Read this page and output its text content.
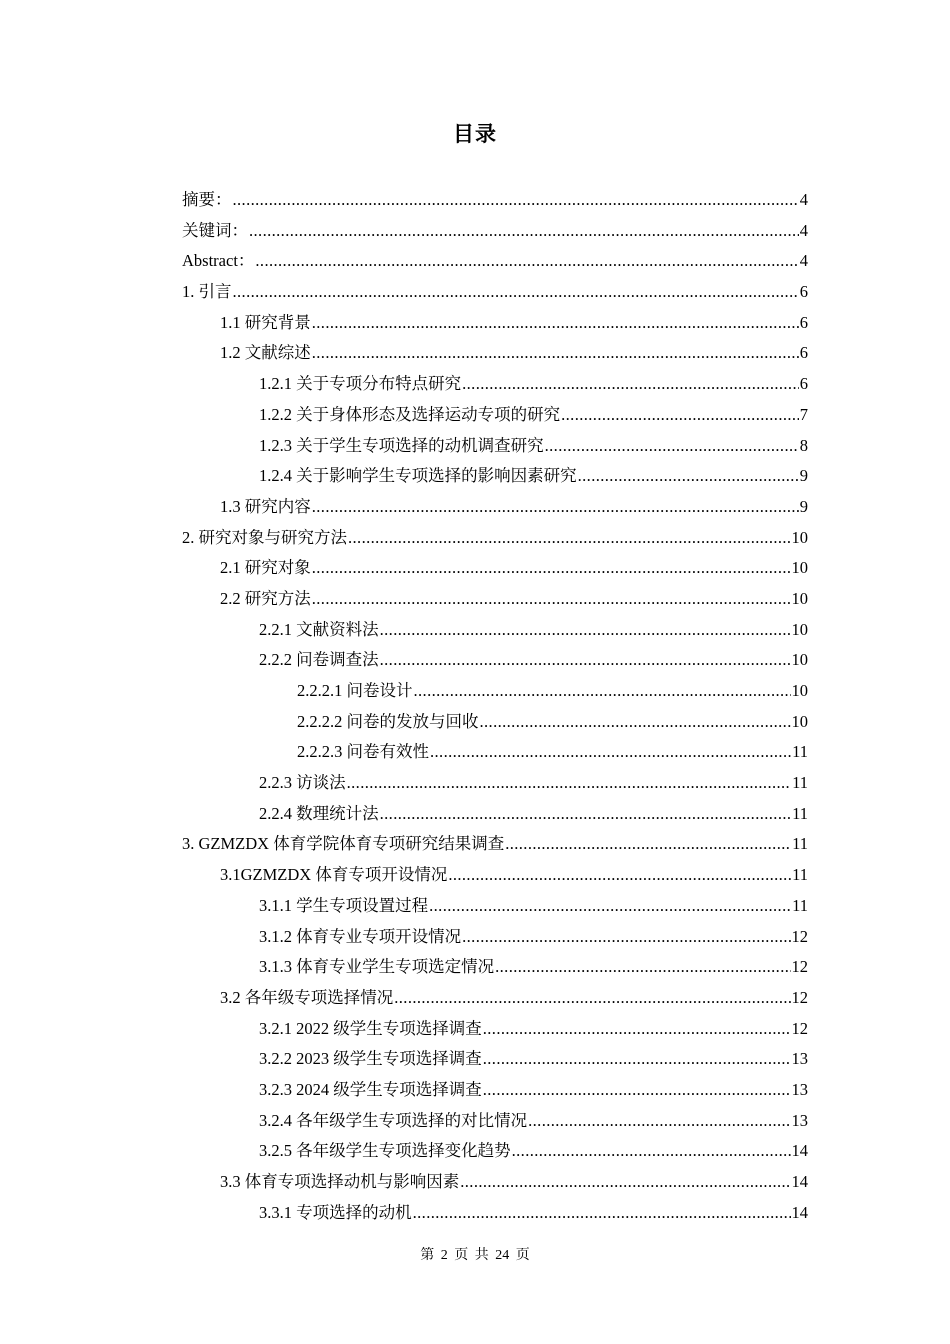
目录
摘要： .....	4
关键词： .....	4
Abstract： .....	4
1. 引言 .....	6
1.1 研究背景 .....	6
1.2 文献综述 .....	6
1.2.1 关于专项分布特点研究 .....	6
1.2.2 关于身体形态及选择运动专项的研究 .....	7
1.2.3 关于学生专项选择的动机调查研究 .....	8
1.2.4 关于影响学生专项选择的影响因素研究 .....	9
1.3 研究内容 .....	9
2. 研究对象与研究方法 .....	10
2.1 研究对象 .....	10
2.2 研究方法 .....	10
2.2.1 文献资料法 .....	10
2.2.2 问卷调查法 .....	10
2.2.2.1 问卷设计 .....	10
2.2.2.2 问卷的发放与回收 .....	10
2.2.2.3 问卷有效性 .....	11
2.2.3 访谈法 .....	11
2.2.4 数理统计法 .....	11
3. GZMZDX 体育学院体育专项研究结果调查 .....	11
3.1GZMZDX 体育专项开设情况 .....	11
3.1.1 学生专项设置过程 .....	11
3.1.2 体育专业专项开设情况 .....	12
3.1.3 体育专业学生专项选定情况 .....	12
3.2 各年级专项选择情况 .....	12
3.2.1 2022 级学生专项选择调查 .....	12
3.2.2 2023 级学生专项选择调查 .....	13
3.2.3 2024 级学生专项选择调查 .....	13
3.2.4 各年级学生专项选择的对比情况 .....	13
3.2.5 各年级学生专项选择变化趋势 .....	14
3.3 体育专项选择动机与影响因素 .....	14
3.3.1 专项选择的动机 .....	14
第 2 页 共 24 页
